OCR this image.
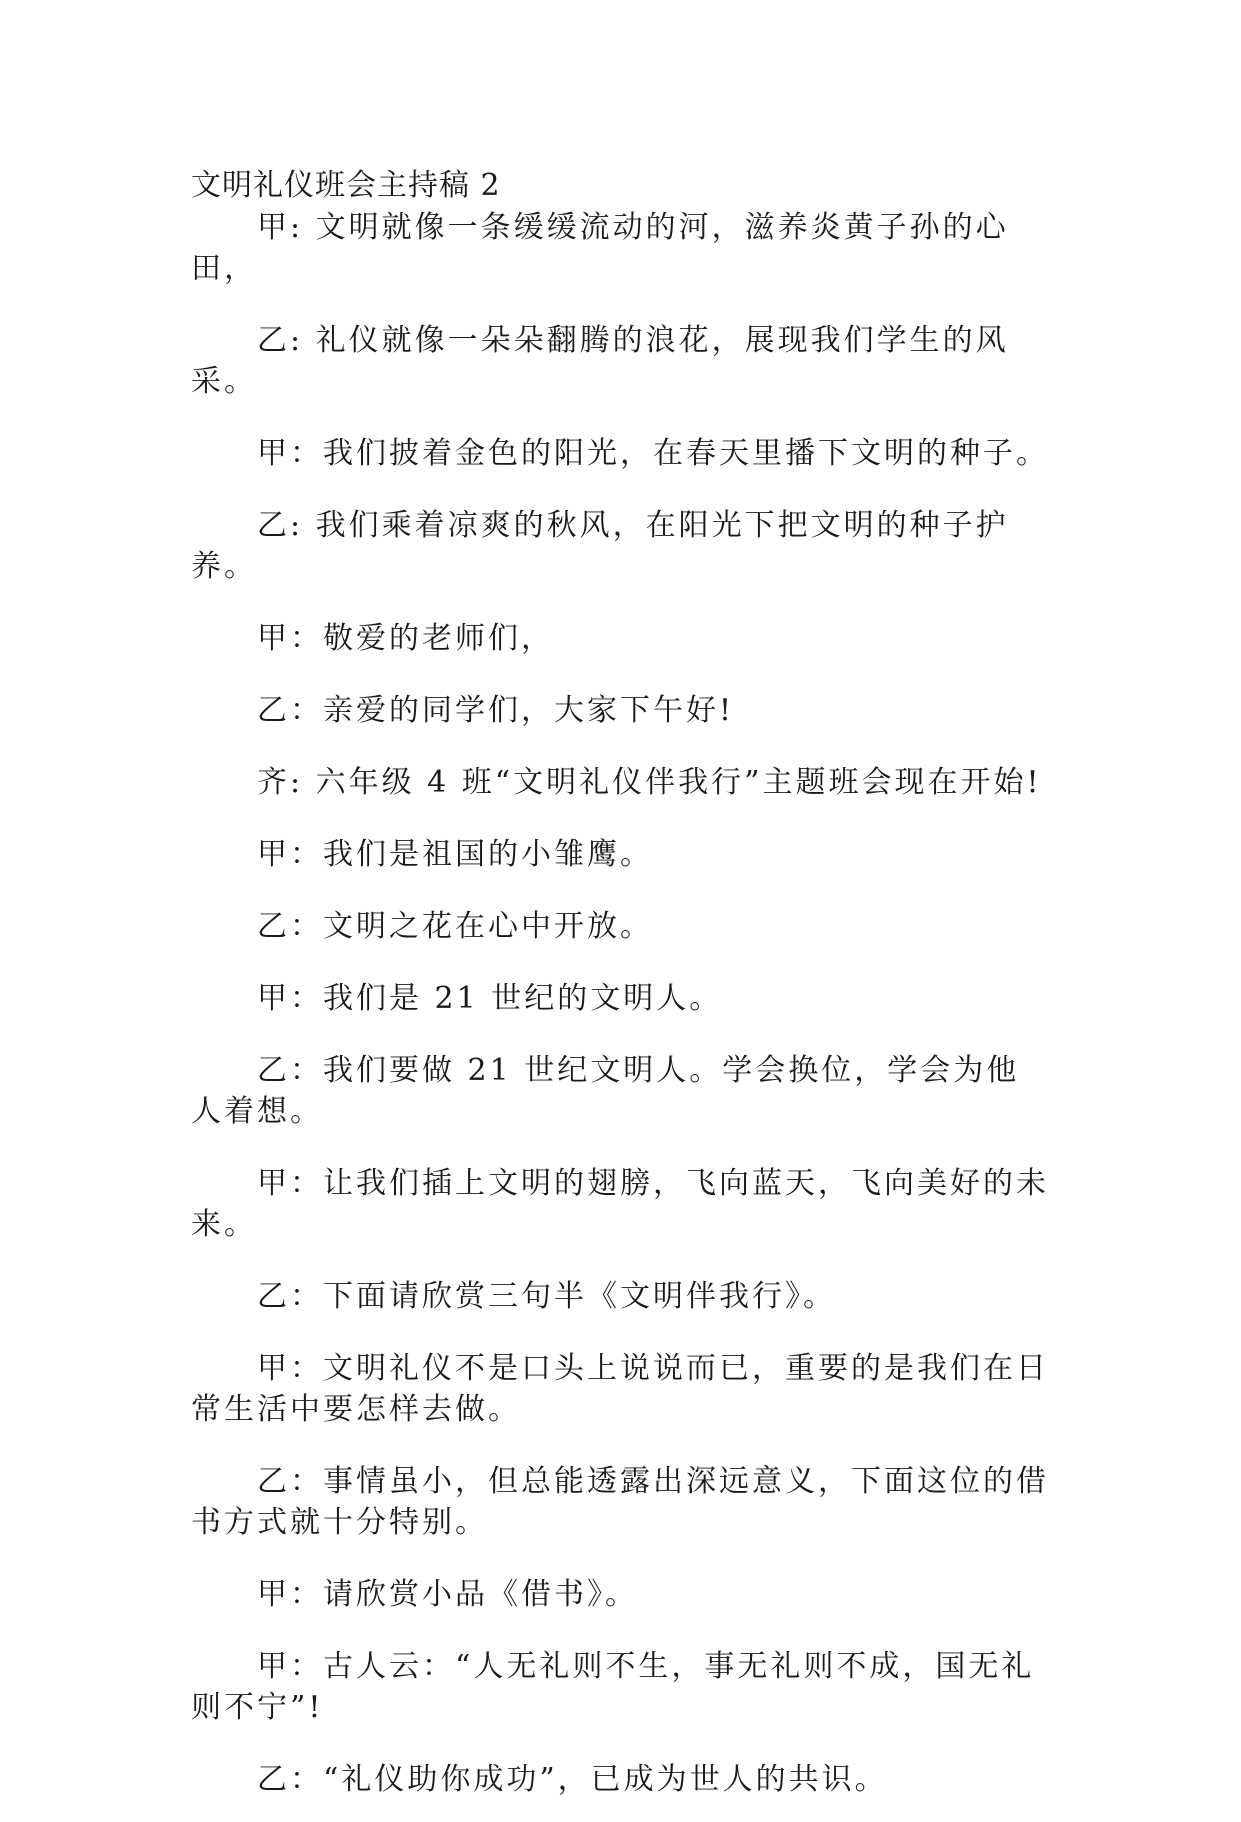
文明礼仪班会主持稿 2

甲: 文明就像一条缓缓流动的河，滋养炎黄子孙的心田，

乙: 礼仪就像一朵朵翻腾的浪花，展现我们学生的风采。

甲：我们披着金色的阳光，在春天里播下文明的种子。

乙: 我们乘着凉爽的秋风，在阳光下把文明的种子护养。

甲：敬爱的老师们，

乙：亲爱的同学们，大家下午好!

齐: 六年级 4 班“文明礼仪伴我行”主题班会现在开始!

甲：我们是祖国的小雏鹰。

乙：文明之花在心中开放。

甲：我们是 21 世纪的文明人。

乙：我们要做 21 世纪文明人。学会换位，学会为他人着想。

甲：让我们插上文明的翅膀，飞向蓝天，飞向美好的未来。

乙：下面请欣赏三句半《文明伴我行》。

甲：文明礼仪不是口头上说说而已，重要的是我们在日常生活中要怎样去做。

乙：事情虽小，但总能透露出深远意义，下面这位的借书方式就十分特别。

甲：请欣赏小品《借书》。

甲：古人云：“人无礼则不生，事无礼则不成，国无礼则不宁”!

乙：“礼仪助你成功”，已成为世人的共识。
